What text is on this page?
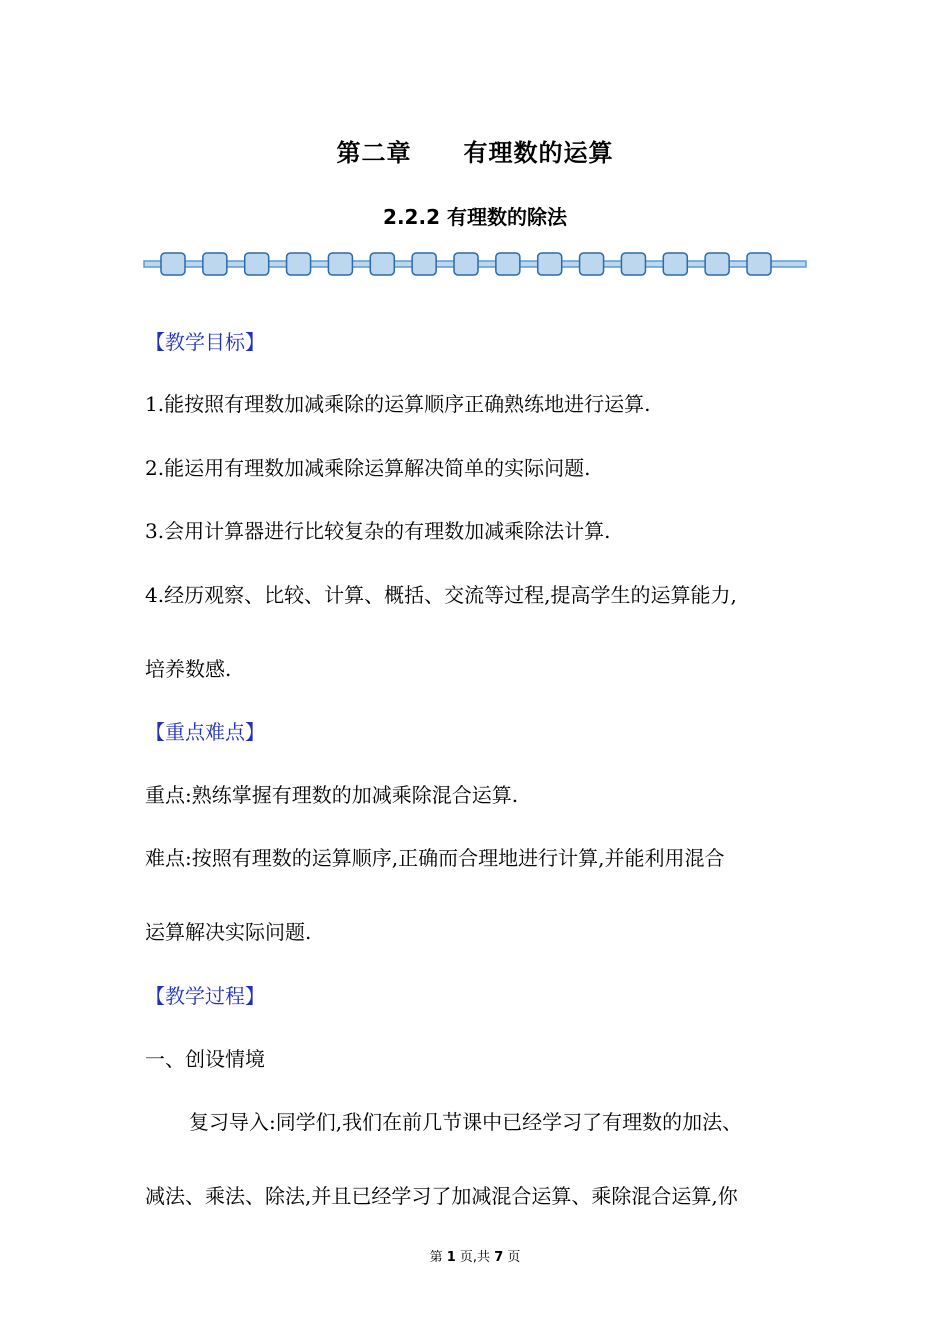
第二章 有理数的运算
2.2.2 有理数的除法
【教学目标】
1.能按照有理数加减乘除的运算顺序正确熟练地进行运算.
2.能运用有理数加减乘除运算解决简单的实际问题.
3.会用计算器进行比较复杂的有理数加减乘除法计算.
4.经历观察、比较、计算、概括、交流等过程,提高学生的运算能力,
培养数感.
【重点难点】
重点:熟练掌握有理数的加减乘除混合运算.
难点:按照有理数的运算顺序,正确而合理地进行计算,并能利用混合
运算解决实际问题.
【教学过程】
一、创设情境
复习导入:同学们,我们在前几节课中已经学习了有理数的加法、
减法、乘法、除法,并且已经学习了加减混合运算、乘除混合运算,你
第 1 页,共 7 页
